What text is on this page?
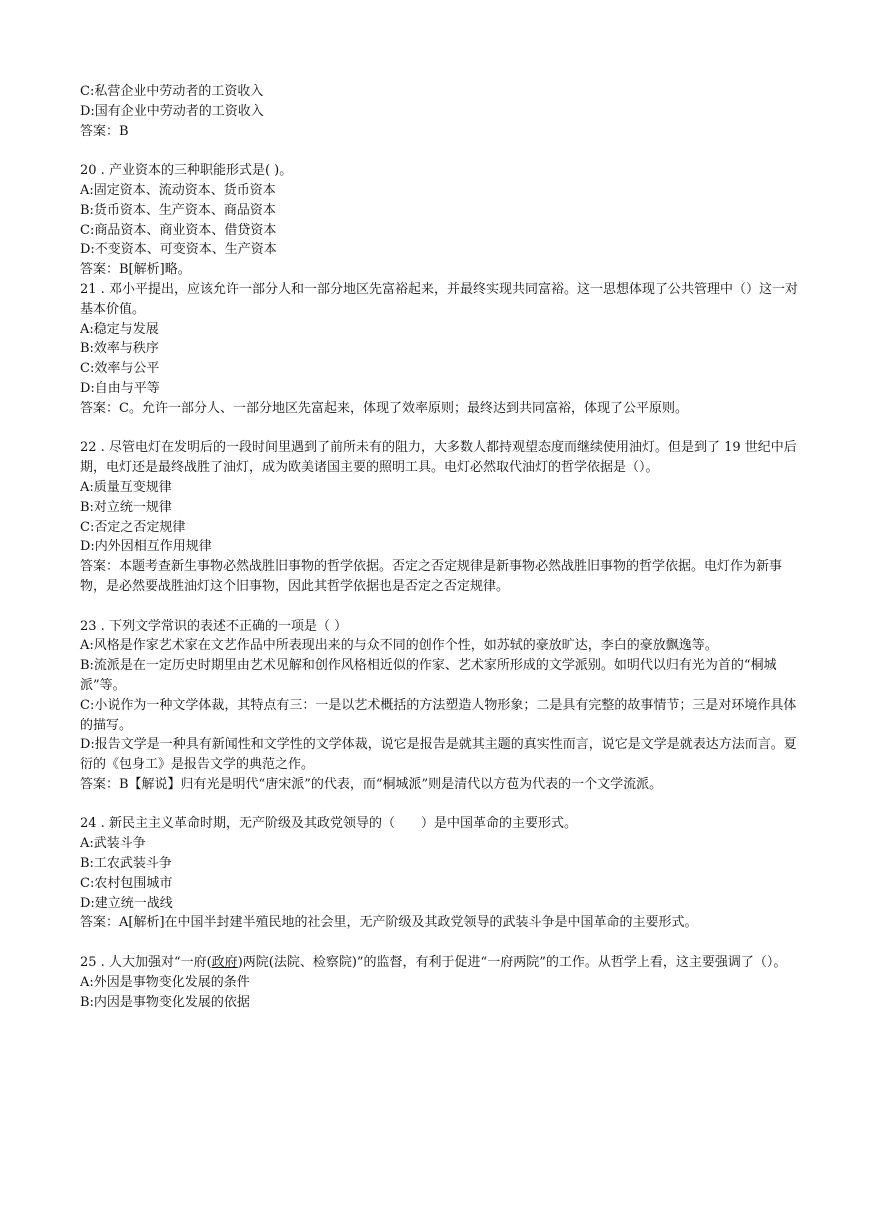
C:私营企业中劳动者的工资收入
D:国有企业中劳动者的工资收入
答案：B
20 . 产业资本的三种职能形式是( )。
A:固定资本、流动资本、货币资本
B:货币资本、生产资本、商品资本
C:商品资本、商业资本、借贷资本
D:不变资本、可变资本、生产资本
答案：B[解析]略。
21 . 邓小平提出，应该允许一部分人和一部分地区先富裕起来，并最终实现共同富裕。这一思想体现了公共管理中（）这一对基本价值。
A:稳定与发展
B:效率与秩序
C:效率与公平
D:自由与平等
答案：C。允许一部分人、一部分地区先富起来，体现了效率原则；最终达到共同富裕，体现了公平原则。
22 . 尽管电灯在发明后的一段时间里遇到了前所未有的阻力，大多数人都持观望态度而继续使用油灯。但是到了 19 世纪中后期，电灯还是最终战胜了油灯，成为欧美诸国主要的照明工具。电灯必然取代油灯的哲学依据是（）。
A:质量互变规律
B:对立统一规律
C:否定之否定规律
D:内外因相互作用规律
答案：本题考查新生事物必然战胜旧事物的哲学依据。否定之否定规律是新事物必然战胜旧事物的哲学依据。电灯作为新事物，是必然要战胜油灯这个旧事物，因此其哲学依据也是否定之否定规律。
23 . 下列文学常识的表述不正确的一项是（ ）
A:风格是作家艺术家在文艺作品中所表现出来的与众不同的创作个性，如苏轼的豪放旷达，李白的豪放飘逸等。
B:流派是在一定历史时期里由艺术见解和创作风格相近似的作家、艺术家所形成的文学派别。如明代以归有光为首的“桐城派”等。
C:小说作为一种文学体裁，其特点有三：一是以艺术概括的方法塑造人物形象；二是具有完整的故事情节；三是对环境作具体的描写。
D:报告文学是一种具有新闻性和文学性的文学体裁，说它是报告是就其主题的真实性而言，说它是文学是就表达方法而言。夏衍的《包身工》是报告文学的典范之作。
答案：B【解说】归有光是明代“唐宋派”的代表，而“桐城派”则是清代以方苞为代表的一个文学流派。
24 . 新民主主义革命时期，无产阶级及其政党领导的（　　）是中国革命的主要形式。
A:武装斗争
B:工农武装斗争
C:农村包围城市
D:建立统一战线
答案：A[解析]在中国半封建半殖民地的社会里，无产阶级及其政党领导的武装斗争是中国革命的主要形式。
25 . 人大加强对“一府(政府)两院(法院、检察院)”的监督，有利于促进“一府两院”的工作。从哲学上看，这主要强调了（）。
A:外因是事物变化发展的条件
B:内因是事物变化发展的依据
